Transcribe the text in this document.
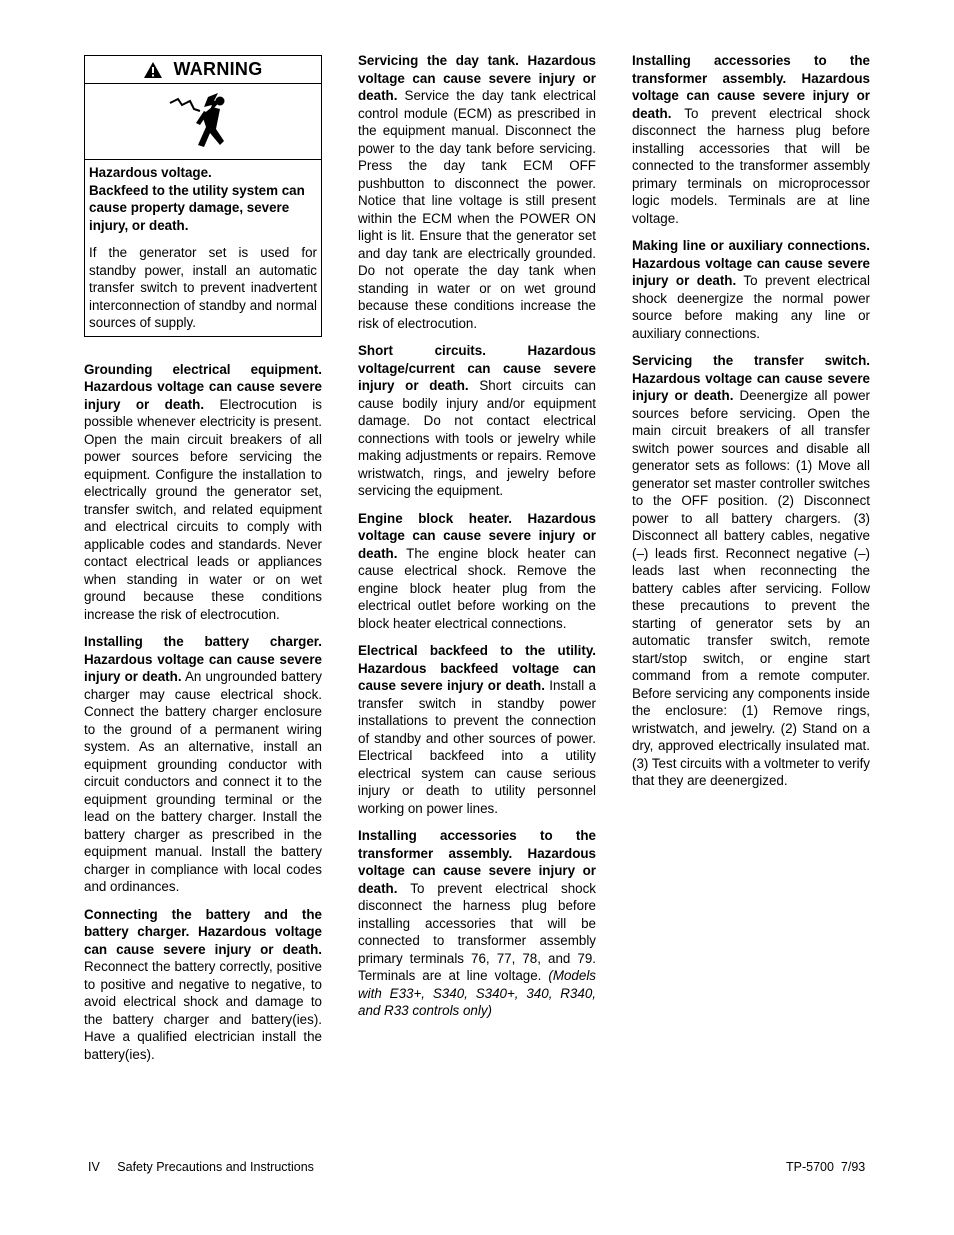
WARNING

Hazardous voltage.
Backfeed to the utility system can cause property damage, severe injury, or death.

If the generator set is used for standby power, install an automatic transfer switch to prevent inadvertent interconnection of standby and normal sources of supply.

Grounding electrical equipment. Hazardous voltage can cause severe injury or death. Electrocution is possible whenever electricity is present. Open the main circuit breakers of all power sources before servicing the equipment. Configure the installation to electrically ground the generator set, transfer switch, and related equipment and electrical circuits to comply with applicable codes and standards. Never contact electrical leads or appliances when standing in water or on wet ground because these conditions increase the risk of electrocution.

Installing the battery charger. Hazardous voltage can cause severe injury or death. An ungrounded battery charger may cause electrical shock. Connect the battery charger enclosure to the ground of a permanent wiring system. As an alternative, install an equipment grounding conductor with circuit conductors and connect it to the equipment grounding terminal or the lead on the battery charger. Install the battery charger as prescribed in the equipment manual. Install the battery charger in compliance with local codes and ordinances.

Connecting the battery and the battery charger. Hazardous voltage can cause severe injury or death. Reconnect the battery correctly, positive to positive and negative to negative, to avoid electrical shock and damage to the battery charger and battery(ies). Have a qualified electrician install the battery(ies).

Servicing the day tank. Hazardous voltage can cause severe injury or death. Service the day tank electrical control module (ECM) as prescribed in the equipment manual. Disconnect the power to the day tank before servicing. Press the day tank ECM OFF pushbutton to disconnect the power. Notice that line voltage is still present within the ECM when the POWER ON light is lit. Ensure that the generator set and day tank are electrically grounded. Do not operate the day tank when standing in water or on wet ground because these conditions increase the risk of electrocution.

Short circuits. Hazardous voltage/current can cause severe injury or death. Short circuits can cause bodily injury and/or equipment damage. Do not contact electrical connections with tools or jewelry while making adjustments or repairs. Remove wristwatch, rings, and jewelry before servicing the equipment.

Engine block heater. Hazardous voltage can cause severe injury or death. The engine block heater can cause electrical shock. Remove the engine block heater plug from the electrical outlet before working on the block heater electrical connections.

Electrical backfeed to the utility. Hazardous backfeed voltage can cause severe injury or death. Install a transfer switch in standby power installations to prevent the connection of standby and other sources of power. Electrical backfeed into a utility electrical system can cause serious injury or death to utility personnel working on power lines.

Installing accessories to the transformer assembly. Hazardous voltage can cause severe injury or death. To prevent electrical shock disconnect the harness plug before installing accessories that will be connected to transformer assembly primary terminals 76, 77, 78, and 79. Terminals are at line voltage. (Models with E33+, S340, S340+, 340, R340, and R33 controls only)

Installing accessories to the transformer assembly. Hazardous voltage can cause severe injury or death. To prevent electrical shock disconnect the harness plug before installing accessories that will be connected to the transformer assembly primary terminals on microprocessor logic models. Terminals are at line voltage.

Making line or auxiliary connections. Hazardous voltage can cause severe injury or death. To prevent electrical shock deenergize the normal power source before making any line or auxiliary connections.

Servicing the transfer switch. Hazardous voltage can cause severe injury or death. Deenergize all power sources before servicing. Open the main circuit breakers of all transfer switch power sources and disable all generator sets as follows: (1) Move all generator set master controller switches to the OFF position. (2) Disconnect power to all battery chargers. (3) Disconnect all battery cables, negative (–) leads first. Reconnect negative (–) leads last when reconnecting the battery cables after servicing. Follow these precautions to prevent the starting of generator sets by an automatic transfer switch, remote start/stop switch, or engine start command from a remote computer. Before servicing any components inside the enclosure: (1) Remove rings, wristwatch, and jewelry. (2) Stand on a dry, approved electrically insulated mat. (3) Test circuits with a voltmeter to verify that they are deenergized.

IV Safety Precautions and Instructions	TP-5700  7/93
